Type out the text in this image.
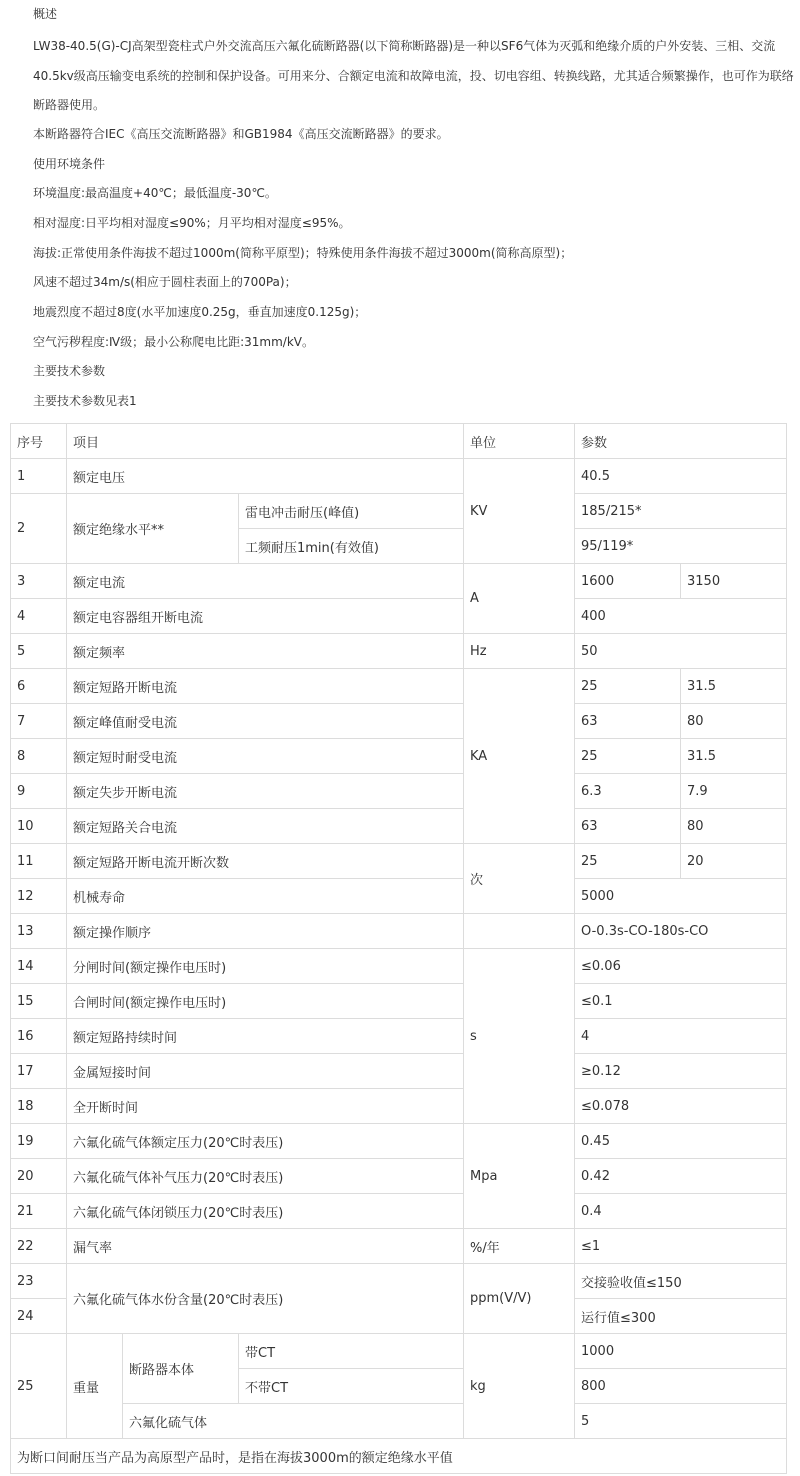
概述

LW38-40.5(G)-CJ高架型瓷柱式户外交流高压六氟化硫断路器(以下简称断路器)是一种以SF6气体为灭弧和绝缘介质的户外安装、三相、交流

40.5kv级高压输变电系统的控制和保护设备。可用来分、合额定电流和故障电流，投、切电容组、转换线路，尤其适合频繁操作，也可作为联络

断路器使用。

本断路器符合IEC《高压交流断路器》和GB1984《高压交流断路器》的要求。

使用环境条件

环境温度:最高温度+40℃；最低温度-30℃。

相对湿度:日平均相对湿度≤90%；月平均相对湿度≤95%。

海拔:正常使用条件海拔不超过1000m(简称平原型)；特殊使用条件海拔不超过3000m(简称高原型)；

风速不超过34m/s(相应于圆柱表面上的700Pa)；

地震烈度不超过8度(水平加速度0.25g，垂直加速度0.125g)；

空气污秽程度:Ⅳ级；最小公称爬电比距:31mm/kV。

主要技术参数

主要技术参数见表1

序号	项目			单位	参数	
1	额定电压			KV	40.5	
2	额定绝缘水平**		雷电冲击耐压(峰值)		185/215*	
			工频耐压1min(有效值)		95/119*	
3	额定电流			A	1600	3150
4	额定电容器组开断电流				400	
5	额定频率			Hz	50	
6	额定短路开断电流			KA	25	31.5
7	额定峰值耐受电流				63	80
8	额定短时耐受电流				25	31.5
9	额定失步开断电流				6.3	7.9
10	额定短路关合电流				63	80
11	额定短路开断电流开断次数			次	25	20
12	机械寿命				5000	
13	额定操作顺序				O-0.3s-CO-180s-CO	
14	分闸时间(额定操作电压时)			s	≤0.06	
15	合闸时间(额定操作电压时)				≤0.1	
16	额定短路持续时间				4	
17	金属短接时间				≥0.12	
18	全开断时间				≤0.078	
19	六氟化硫气体额定压力(20℃时表压)			Mpa	0.45	
20	六氟化硫气体补气压力(20℃时表压)				0.42	
21	六氟化硫气体闭锁压力(20℃时表压)				0.4	
22	漏气率			%/年	≤1	
23	六氟化硫气体水份含量(20℃时表压)			ppm(V/V)	交接验收值≤150	
24					运行值≤300	
25	重量	断路器本体	带CT	kg	1000	
			不带CT		800	
		六氟化硫气体			5	
为断口间耐压当产品为高原型产品时，是指在海拔3000m的额定绝缘水平值						
